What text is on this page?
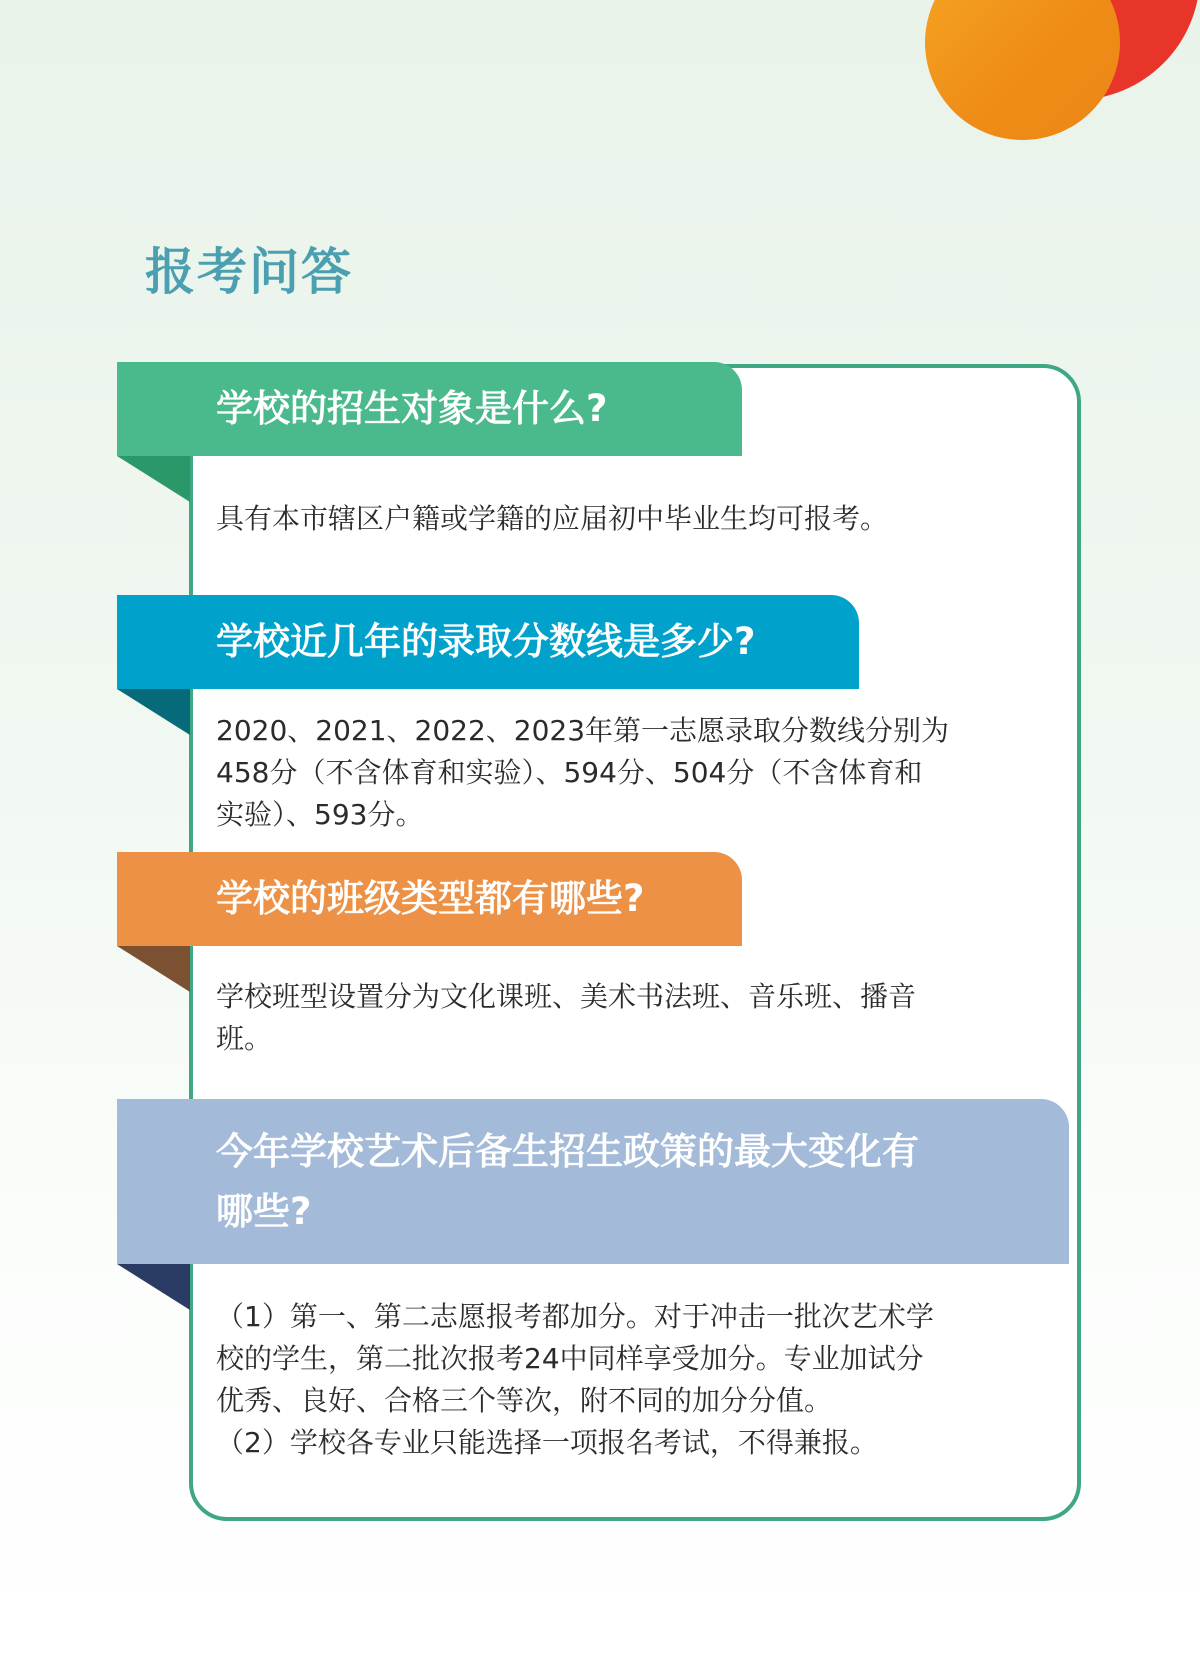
报考问答
学校的招生对象是什么?

具有本市辖区户籍或学籍的应届初中毕业生均可报考。

学校近几年的录取分数线是多少?

2020、2021、2022、2023年第一志愿录取分数线分别为
458分（不含体育和实验）、594分、504分（不含体育和
实验）、593分。

学校的班级类型都有哪些?

学校班型设置分为文化课班、美术书法班、音乐班、播音
班。

今年学校艺术后备生招生政策的最大变化有
哪些?

（1）第一、第二志愿报考都加分。对于冲击一批次艺术学
校的学生，第二批次报考24中同样享受加分。专业加试分
优秀、良好、合格三个等次，附不同的加分分值。
（2）学校各专业只能选择一项报名考试，不得兼报。
